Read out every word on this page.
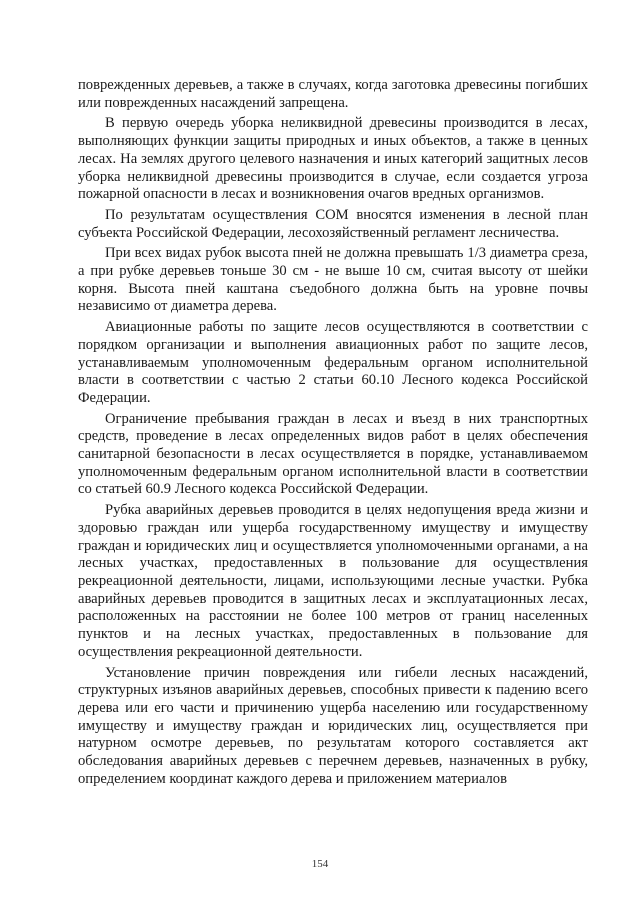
поврежденных деревьев, а также в случаях, когда заготовка древесины погибших или поврежденных насаждений запрещена.

В первую очередь уборка неликвидной древесины производится в лесах, выполняющих функции защиты природных и иных объектов, а также в ценных лесах. На землях другого целевого назначения и иных категорий защитных лесов уборка неликвидной древесины производится в случае, если создается угроза пожарной опасности в лесах и возникновения очагов вредных организмов.

По результатам осуществления СОМ вносятся изменения в лесной план субъекта Российской Федерации, лесохозяйственный регламент лесничества.

При всех видах рубок высота пней не должна превышать 1/3 диаметра среза, а при рубке деревьев тоньше 30 см - не выше 10 см, считая высоту от шейки корня. Высота пней каштана съедобного должна быть на уровне почвы независимо от диаметра дерева.

Авиационные работы по защите лесов осуществляются в соответствии с порядком организации и выполнения авиационных работ по защите лесов, устанавливаемым уполномоченным федеральным органом исполнительной власти в соответствии с частью 2 статьи 60.10 Лесного кодекса Российской Федерации.

Ограничение пребывания граждан в лесах и въезд в них транспортных средств, проведение в лесах определенных видов работ в целях обеспечения санитарной безопасности в лесах осуществляется в порядке, устанавливаемом уполномоченным федеральным органом исполнительной власти в соответствии со статьей 60.9 Лесного кодекса Российской Федерации.

Рубка аварийных деревьев проводится в целях недопущения вреда жизни и здоровью граждан или ущерба государственному имуществу и имуществу граждан и юридических лиц и осуществляется уполномоченными органами, а на лесных участках, предоставленных в пользование для осуществления рекреационной деятельности, лицами, использующими лесные участки. Рубка аварийных деревьев проводится в защитных лесах и эксплуатационных лесах, расположенных на расстоянии не более 100 метров от границ населенных пунктов и на лесных участках, предоставленных в пользование для осуществления рекреационной деятельности.

Установление причин повреждения или гибели лесных насаждений, структурных изъянов аварийных деревьев, способных привести к падению всего дерева или его части и причинению ущерба населению или государственному имуществу и имуществу граждан и юридических лиц, осуществляется при натурном осмотре деревьев, по результатам которого составляется акт обследования аварийных деревьев с перечнем деревьев, назначенных в рубку, определением координат каждого дерева и приложением материалов

154
